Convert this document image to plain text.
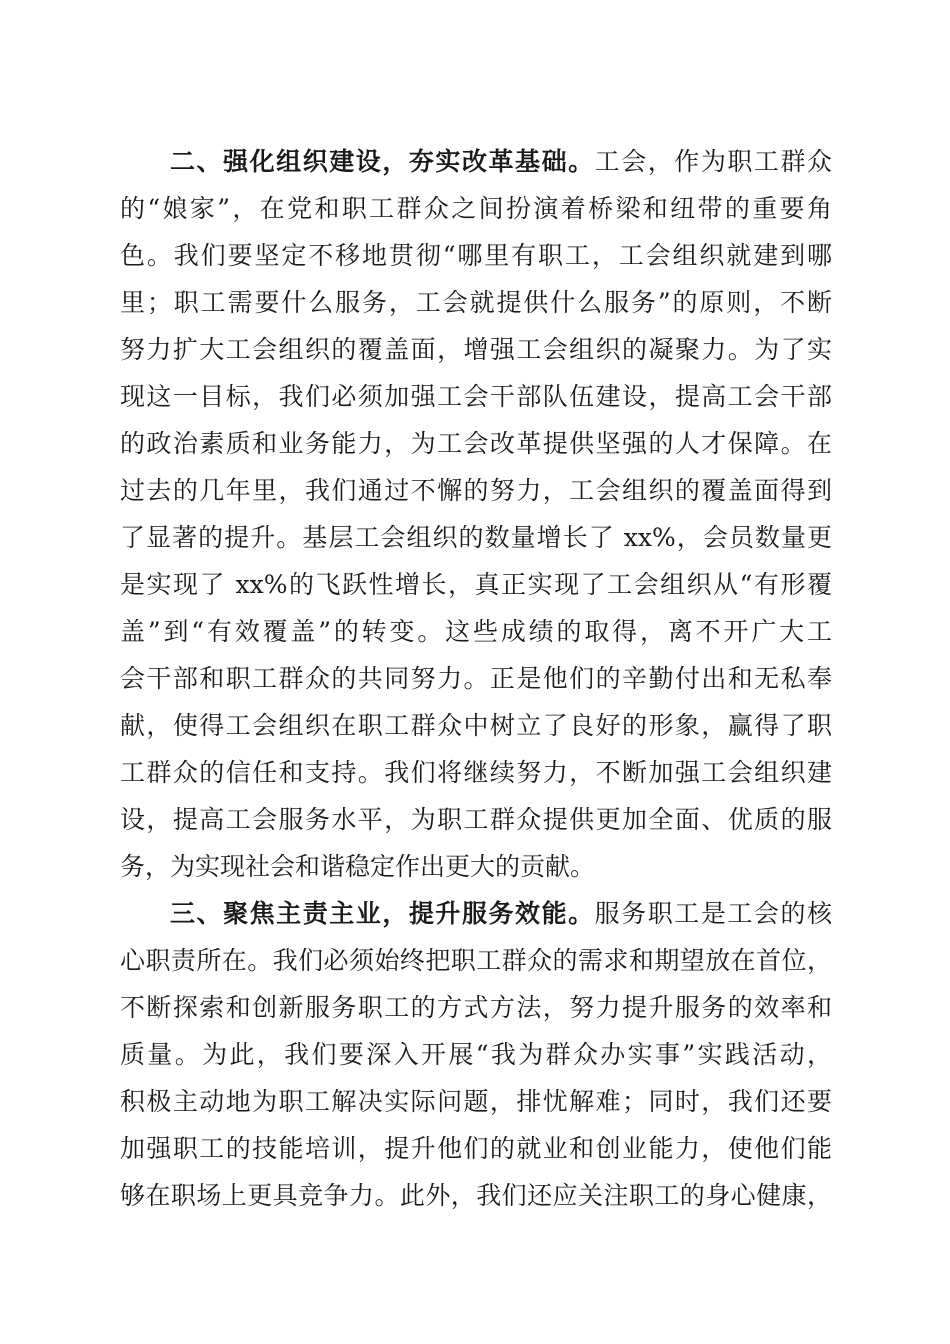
二、强化组织建设，夯实改革基础。工会，作为职工群众
的“娘家”，在党和职工群众之间扮演着桥梁和纽带的重要角
色。我们要坚定不移地贯彻“哪里有职工，工会组织就建到哪
里；职工需要什么服务，工会就提供什么服务”的原则，不断
努力扩大工会组织的覆盖面，增强工会组织的凝聚力。为了实
现这一目标，我们必须加强工会干部队伍建设，提高工会干部
的政治素质和业务能力，为工会改革提供坚强的人才保障。在
过去的几年里，我们通过不懈的努力，工会组织的覆盖面得到
了显著的提升。基层工会组织的数量增长了 xx%，会员数量更
是实现了 xx%的飞跃性增长，真正实现了工会组织从“有形覆
盖”到“有效覆盖”的转变。这些成绩的取得，离不开广大工
会干部和职工群众的共同努力。正是他们的辛勤付出和无私奉
献，使得工会组织在职工群众中树立了良好的形象，赢得了职
工群众的信任和支持。我们将继续努力，不断加强工会组织建
设，提高工会服务水平，为职工群众提供更加全面、优质的服
务，为实现社会和谐稳定作出更大的贡献。
三、聚焦主责主业，提升服务效能。服务职工是工会的核
心职责所在。我们必须始终把职工群众的需求和期望放在首位，
不断探索和创新服务职工的方式方法，努力提升服务的效率和
质量。为此，我们要深入开展“我为群众办实事”实践活动，
积极主动地为职工解决实际问题，排忧解难；同时，我们还要
加强职工的技能培训，提升他们的就业和创业能力，使他们能
够在职场上更具竞争力。此外，我们还应关注职工的身心健康，
